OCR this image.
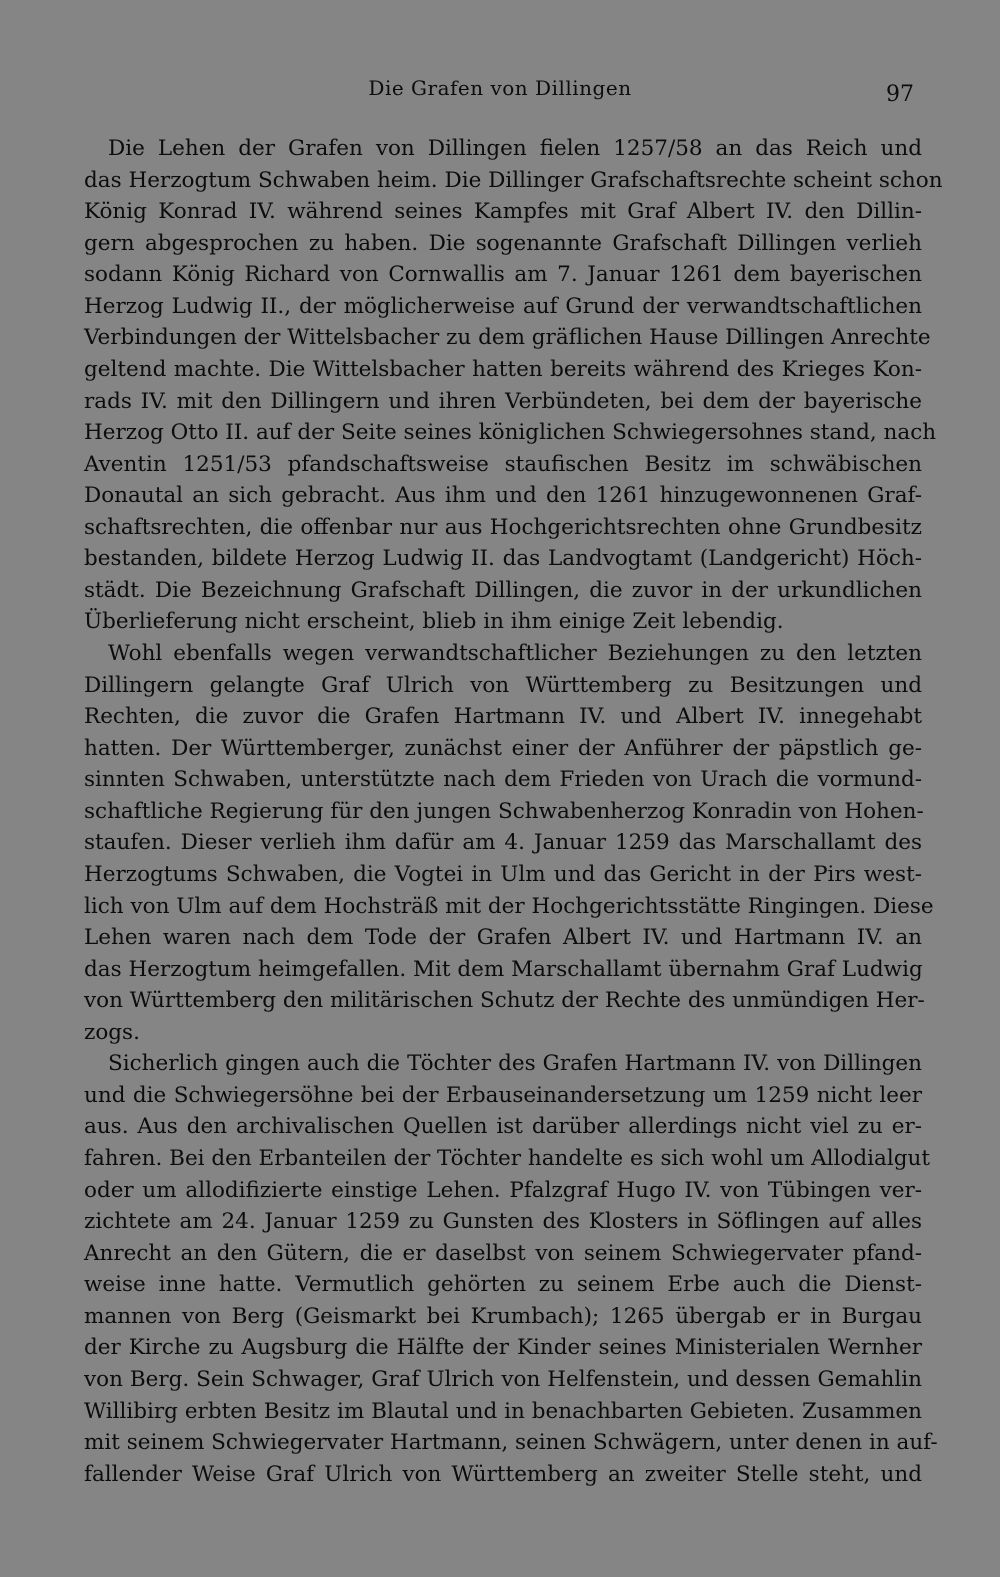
Die Grafen von Dillingen	97
Die Lehen der Grafen von Dillingen fielen 1257/58 an das Reich und
das Herzogtum Schwaben heim. Die Dillinger Grafschaftsrechte scheint schon
König Konrad IV. während seines Kampfes mit Graf Albert IV. den Dillin-
gern abgesprochen zu haben. Die sogenannte Grafschaft Dillingen verlieh
sodann König Richard von Cornwallis am 7. Januar 1261 dem bayerischen
Herzog Ludwig II., der möglicherweise auf Grund der verwandtschaftlichen
Verbindungen der Wittelsbacher zu dem gräflichen Hause Dillingen Anrechte
geltend machte. Die Wittelsbacher hatten bereits während des Krieges Kon-
rads IV. mit den Dillingern und ihren Verbündeten, bei dem der bayerische
Herzog Otto II. auf der Seite seines königlichen Schwiegersohnes stand, nach
Aventin 1251/53 pfandschaftsweise staufischen Besitz im schwäbischen
Donautal an sich gebracht. Aus ihm und den 1261 hinzugewonnenen Graf-
schaftsrechten, die offenbar nur aus Hochgerichtsrechten ohne Grundbesitz
bestanden, bildete Herzog Ludwig II. das Landvogtamt (Landgericht) Höch-
städt. Die Bezeichnung Grafschaft Dillingen, die zuvor in der urkundlichen
Überlieferung nicht erscheint, blieb in ihm einige Zeit lebendig.
Wohl ebenfalls wegen verwandtschaftlicher Beziehungen zu den letzten
Dillingern gelangte Graf Ulrich von Württemberg zu Besitzungen und
Rechten, die zuvor die Grafen Hartmann IV. und Albert IV. innegehabt
hatten. Der Württemberger, zunächst einer der Anführer der päpstlich ge-
sinnten Schwaben, unterstützte nach dem Frieden von Urach die vormund-
schaftliche Regierung für den jungen Schwabenherzog Konradin von Hohen-
staufen. Dieser verlieh ihm dafür am 4. Januar 1259 das Marschallamt des
Herzogtums Schwaben, die Vogtei in Ulm und das Gericht in der Pirs west-
lich von Ulm auf dem Hochsträß mit der Hochgerichtsstätte Ringingen. Diese
Lehen waren nach dem Tode der Grafen Albert IV. und Hartmann IV. an
das Herzogtum heimgefallen. Mit dem Marschallamt übernahm Graf Ludwig
von Württemberg den militärischen Schutz der Rechte des unmündigen Her-
zogs.
Sicherlich gingen auch die Töchter des Grafen Hartmann IV. von Dillingen
und die Schwiegersöhne bei der Erbauseinandersetzung um 1259 nicht leer
aus. Aus den archivalischen Quellen ist darüber allerdings nicht viel zu er-
fahren. Bei den Erbanteilen der Töchter handelte es sich wohl um Allodialgut
oder um allodifizierte einstige Lehen. Pfalzgraf Hugo IV. von Tübingen ver-
zichtete am 24. Januar 1259 zu Gunsten des Klosters in Söflingen auf alles
Anrecht an den Gütern, die er daselbst von seinem Schwiegervater pfand-
weise inne hatte. Vermutlich gehörten zu seinem Erbe auch die Dienst-
mannen von Berg (Geismarkt bei Krumbach); 1265 übergab er in Burgau
der Kirche zu Augsburg die Hälfte der Kinder seines Ministerialen Wernher
von Berg. Sein Schwager, Graf Ulrich von Helfenstein, und dessen Gemahlin
Willibirg erbten Besitz im Blautal und in benachbarten Gebieten. Zusammen
mit seinem Schwiegervater Hartmann, seinen Schwägern, unter denen in auf-
fallender Weise Graf Ulrich von Württemberg an zweiter Stelle steht, und
